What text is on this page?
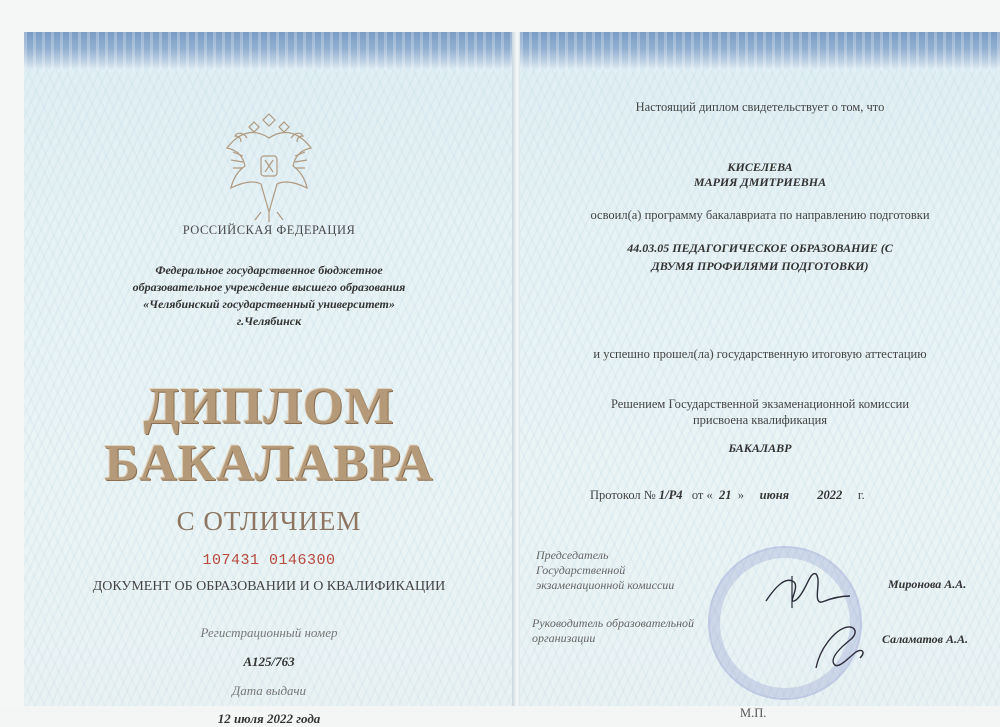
РОССИЙСКАЯ ФЕДЕРАЦИЯ
Федеральное государственное бюджетное
образовательное учреждение высшего образования
«Челябинский государственный университет»
г.Челябинск
ДИПЛОМ
БАКАЛАВРА
С ОТЛИЧИЕМ
107431 0146300
ДОКУМЕНТ ОБ ОБРАЗОВАНИИ И О КВАЛИФИКАЦИИ
Регистрационный номер
А125/763
Дата выдачи
12 июля 2022 года
Настоящий диплом свидетельствует о том, что
КИСЕЛЕВА
МАРИЯ ДМИТРИЕВНА
освоил(а) программу бакалавриата по направлению подготовки
44.03.05 ПЕДАГОГИЧЕСКОЕ ОБРАЗОВАНИЕ (С
ДВУМЯ ПРОФИЛЯМИ ПОДГОТОВКИ)
и успешно прошел(ла) государственную итоговую аттестацию
Решением Государственной экзаменационной комиссии
присвоена квалификация
БАКАЛАВР
Протокол № 1/Р4 от « 21 » июня 2022 г.
Председатель
Государственной
экзаменационной комиссии	Миронова А.А.
Руководитель образовательной
организации	Саламатов А.А.
М.П.
